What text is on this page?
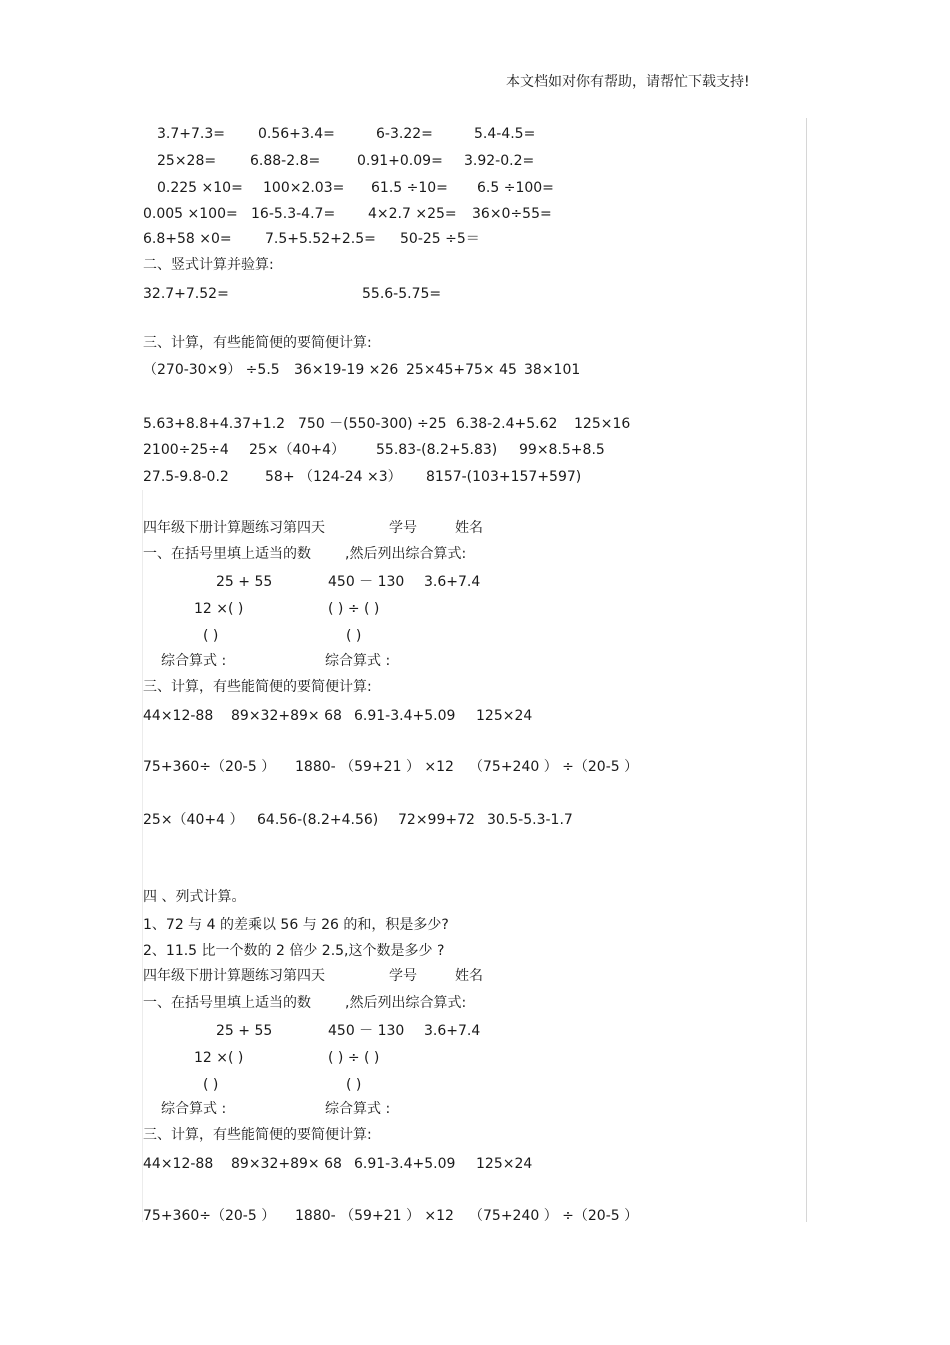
本文档如对你有帮助，请帮忙下载支持!
3.7+7.3= 0.56+3.4=	6-3.22=	5.4-4.5=
25×28= 6.88-2.8=	0.91+0.09= 3.92-0.2=
0.225 ×10= 100×2.03= 61.5 ÷10= 6.5 ÷100=
0.005 ×100= 16-5.3-4.7= 4×2.7 ×25= 36×0÷55=
6.8+58 ×0= 7.5+5.52+2.5= 50-25 ÷5＝
二、竖式计算并验算:
32.7+7.52=	55.6-5.75=
三、计算，有些能简便的要简便计算:
（270-30×9） ÷5.5 36×19-19 ×26 25×45+75× 45 38×101
5.63+8.8+4.37+1.2 750 －(550-300) ÷25 6.38-2.4+5.62 125×16
2100÷25÷4 25×（40+4） 55.83-(8.2+5.83) 99×8.5+8.5
27.5-9.8-0.2	58+ （124-24 ×3） 8157-(103+157+597)
四年级下册计算题练习第四天	学号	姓名
一、在括号里填上适当的数 ,然后列出综合算式:
25 + 55	450 － 130 3.6+7.4
12 ×( )	( ) ÷ ( )
( )	( )
综合算式 :	综合算式 :
三、计算，有些能简便的要简便计算:
44×12-88 89×32+89× 68 6.91-3.4+5.09 125×24
75+360÷（20-5 ） 1880- （59+21 ） ×12 （75+240 ） ÷（20-5 ）
25×（40+4 ） 64.56-(8.2+4.56) 72×99+72 30.5-5.3-1.7
四 、列式计算。
1、72 与 4 的差乘以 56 与 26 的和，积是多少?
2、11.5 比一个数的 2 倍少 2.5,这个数是多少 ?
四年级下册计算题练习第四天	学号	姓名
一、在括号里填上适当的数 ,然后列出综合算式:
25 + 55	450 － 130 3.6+7.4
12 ×( )	( ) ÷ ( )
( )	( )
综合算式 :	综合算式 :
三、计算，有些能简便的要简便计算:
44×12-88 89×32+89× 68 6.91-3.4+5.09 125×24
75+360÷（20-5 ） 1880- （59+21 ） ×12 （75+240 ） ÷（20-5 ）
